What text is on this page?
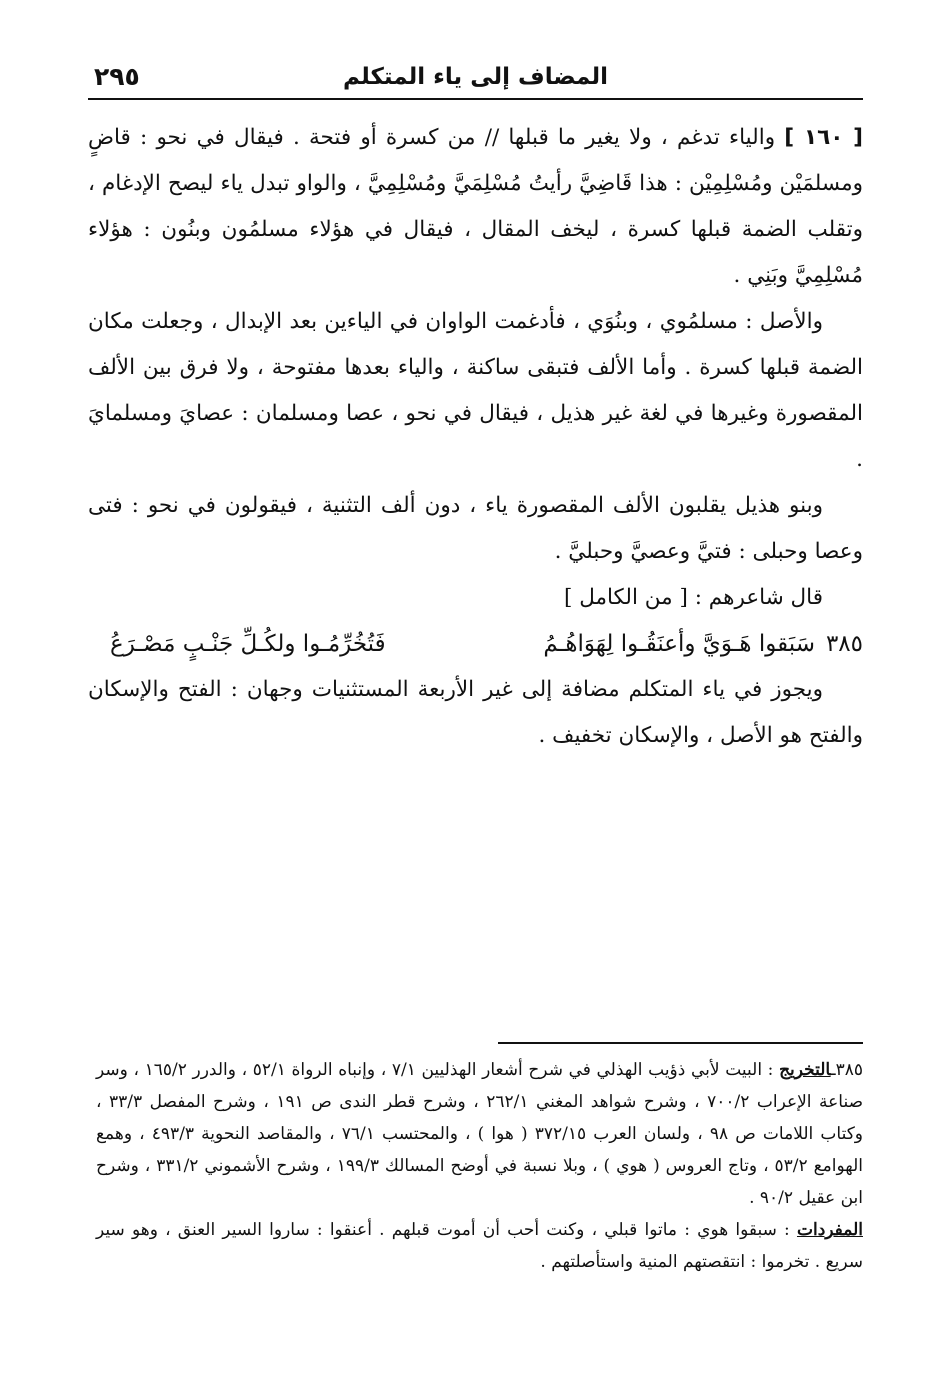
المضاف إلى ياء المتكلم
٢٩٥

[ ١٦٠ ] والياء تدغم ، ولا يغير ما قبلها // من كسرة أو فتحة . فيقال في نحو : قاضٍ ومسلمَيْن ومُسْلِمِيْن : هذا قَاضِيَّ رأيتُ مُسْلِمَيَّ ومُسْلِمِيَّ ، والواو تبدل ياء ليصح الإدغام ، وتقلب الضمة قبلها كسرة ، ليخف المقال ، فيقال في هؤلاء مسلمُون وبنُون : هؤلاء مُسْلِمِيَّ وبَنِي .

والأصل : مسلمُوي ، وبنُوَي ، فأدغمت الواوان في الياءين بعد الإبدال ، وجعلت مكان الضمة قبلها كسرة . وأما الألف فتبقى ساكنة ، والياء بعدها مفتوحة ، ولا فرق بين الألف المقصورة وغيرها في لغة غير هذيل ، فيقال في نحو ، عصا ومسلمان : عصايَ ومسلمايَ .

وبنو هذيل يقلبون الألف المقصورة ياء ، دون ألف التثنية ، فيقولون في نحو : فتى وعصا وحبلى : فتيَّ وعصيَّ وحبليَّ .

قال شاعرهم : [ من الكامل ]

٣٨٥
سَبَقوا هَـوَيَّ وأعنَقُـوا لِهَوَاهُـمُ
فَتُخُرِّمُـوا ولكُـلِّ جَنْـبٍ مَصْـرَعُ

ويجوز في ياء المتكلم مضافة إلى غير الأربعة المستثنيات وجهان : الفتح والإسكان والفتح هو الأصل ، والإسكان تخفيف .

٣٨٥ـالتخريج : البيت لأبي ذؤيب الهذلي في شرح أشعار الهذليين ٧/١ ، وإنباه الرواة ٥٢/١ ، والدرر ١٦٥/٢ ، وسر صناعة الإعراب ٧٠٠/٢ ، وشرح شواهد المغني ٢٦٢/١ ، وشرح قطر الندى ص ١٩١ ، وشرح المفصل ٣٣/٣ ، وكتاب اللامات ص ٩٨ ، ولسان العرب ٣٧٢/١٥ ( هوا ) ، والمحتسب ٧٦/١ ، والمقاصد النحوية ٤٩٣/٣ ، وهمع الهوامع ٥٣/٢ ، وتاج العروس ( هوي ) ، وبلا نسبة في أوضح المسالك ١٩٩/٣ ، وشرح الأشموني ٣٣١/٢ ، وشرح ابن عقيل ٩٠/٢ .

المفردات : سبقوا هوي : ماتوا قبلي ، وكنت أحب أن أموت قبلهم . أعنقوا : ساروا السير العنق ، وهو سير سريع . تخرموا : انتقصتهم المنية واستأصلتهم .
